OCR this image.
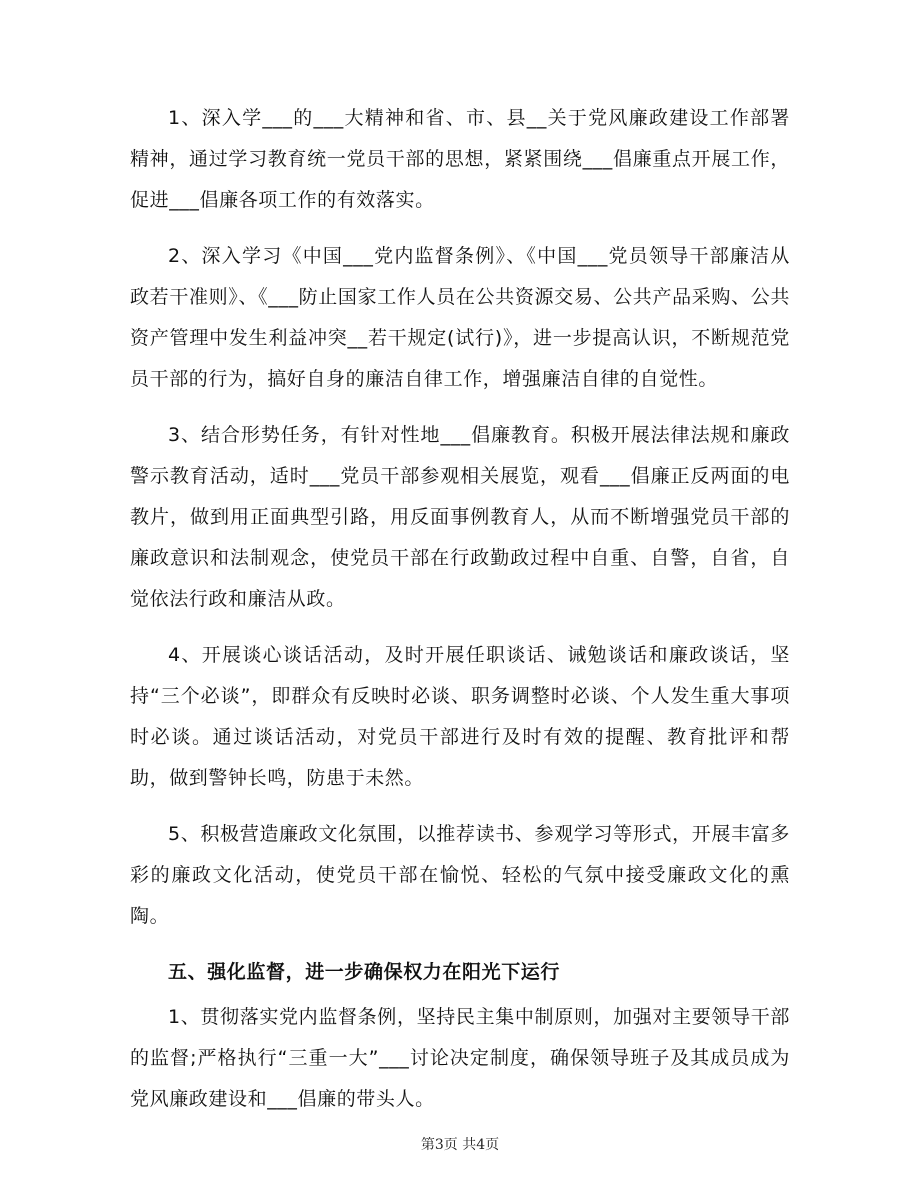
1、深入学___的___大精神和省、市、县__关于党风廉政建设工作部署精神，通过学习教育统一党员干部的思想，紧紧围绕___倡廉重点开展工作，促进___倡廉各项工作的有效落实。

2、深入学习《中国___党内监督条例》、《中国___党员领导干部廉洁从政若干准则》、《___防止国家工作人员在公共资源交易、公共产品采购、公共资产管理中发生利益冲突__若干规定(试行)》，进一步提高认识，不断规范党员干部的行为，搞好自身的廉洁自律工作，增强廉洁自律的自觉性。

3、结合形势任务，有针对性地___倡廉教育。积极开展法律法规和廉政警示教育活动，适时___党员干部参观相关展览，观看___倡廉正反两面的电教片，做到用正面典型引路，用反面事例教育人，从而不断增强党员干部的廉政意识和法制观念，使党员干部在行政勤政过程中自重、自警，自省，自觉依法行政和廉洁从政。

4、开展谈心谈话活动，及时开展任职谈话、诫勉谈话和廉政谈话，坚持“三个必谈”，即群众有反映时必谈、职务调整时必谈、个人发生重大事项时必谈。通过谈话活动，对党员干部进行及时有效的提醒、教育批评和帮助，做到警钟长鸣，防患于未然。

5、积极营造廉政文化氛围，以推荐读书、参观学习等形式，开展丰富多彩的廉政文化活动，使党员干部在愉悦、轻松的气氛中接受廉政文化的熏陶。

五、强化监督，进一步确保权力在阳光下运行

1、贯彻落实党内监督条例，坚持民主集中制原则，加强对主要领导干部的监督;严格执行“三重一大”___讨论决定制度，确保领导班子及其成员成为党风廉政建设和___倡廉的带头人。

第3页 共4页
